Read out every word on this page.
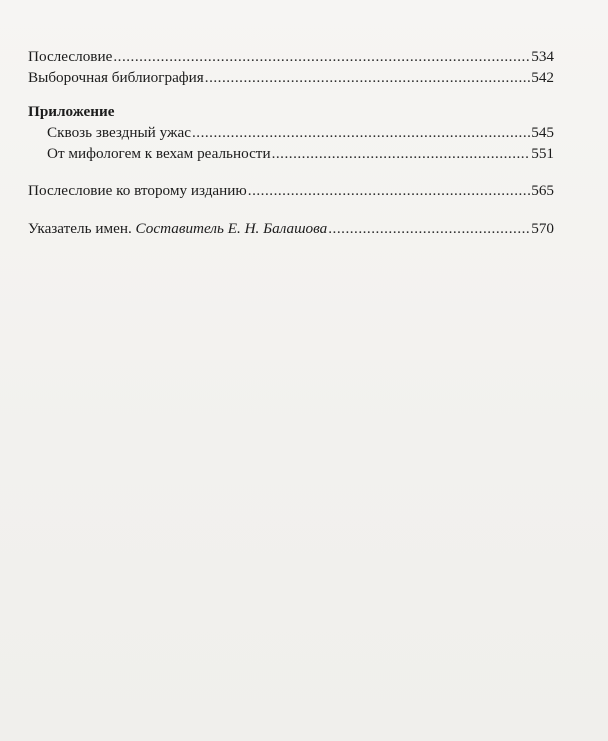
Послесловие .....	534
Выборочная библиография .....	542
Приложение
Сквозь звездный ужас .....	545
От мифологем к вехам реальности .....	551
Послесловие ко второму изданию .....	565
Указатель имен. Составитель Е. Н. Балашова .....	570
